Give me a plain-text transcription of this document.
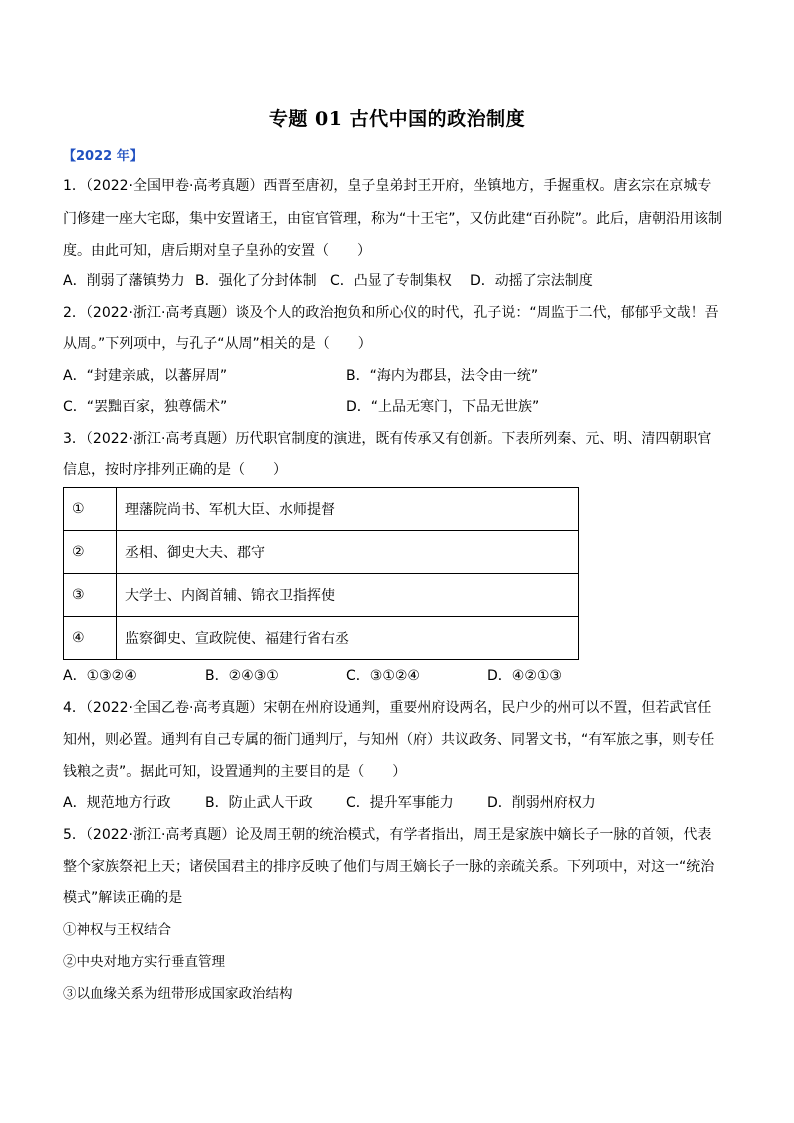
专题 01 古代中国的政治制度
【2022 年】
1．（2022·全国甲卷·高考真题）西晋至唐初，皇子皇弟封王开府，坐镇地方，手握重权。唐玄宗在京城专
门修建一座大宅邸，集中安置诸王，由宦官管理，称为“十王宅”，又仿此建“百孙院”。此后，唐朝沿用该制
度。由此可知，唐后期对皇子皇孙的安置（　　）
A．削弱了藩镇势力 B．强化了分封体制 C．凸显了专制集权 D．动摇了宗法制度
2．（2022·浙江·高考真题）谈及个人的政治抱负和所心仪的时代，孔子说：“周监于二代，郁郁乎文哉！吾
从周。”下列项中，与孔子“从周”相关的是（　　）
A．“封建亲戚，以蕃屏周”	B．“海内为郡县，法令由一统”
C．“罢黜百家，独尊儒术”	D．“上品无寒门，下品无世族”
3．（2022·浙江·高考真题）历代职官制度的演进，既有传承又有创新。下表所列秦、元、明、清四朝职官
信息，按时序排列正确的是（　　）
①	理藩院尚书、军机大臣、水师提督
②	丞相、御史大夫、郡守
③	大学士、内阁首辅、锦衣卫指挥使
④	监察御史、宣政院使、福建行省右丞
A．①③②④	B．②④③①	C．③①②④	D．④②①③
4．（2022·全国乙卷·高考真题）宋朝在州府设通判，重要州府设两名，民户少的州可以不置，但若武官任
知州，则必置。通判有自己专属的衙门通判厅，与知州（府）共议政务、同署文书，“有军旅之事，则专任
钱粮之责”。据此可知，设置通判的主要目的是（　　）
A．规范地方行政 B．防止武人干政 C．提升军事能力 D．削弱州府权力
5．（2022·浙江·高考真题）论及周王朝的统治模式，有学者指出，周王是家族中嫡长子一脉的首领，代表
整个家族祭祀上天；诸侯国君主的排序反映了他们与周王嫡长子一脉的亲疏关系。下列项中，对这一“统治
模式”解读正确的是
①神权与王权结合
②中央对地方实行垂直管理
③以血缘关系为纽带形成国家政治结构
